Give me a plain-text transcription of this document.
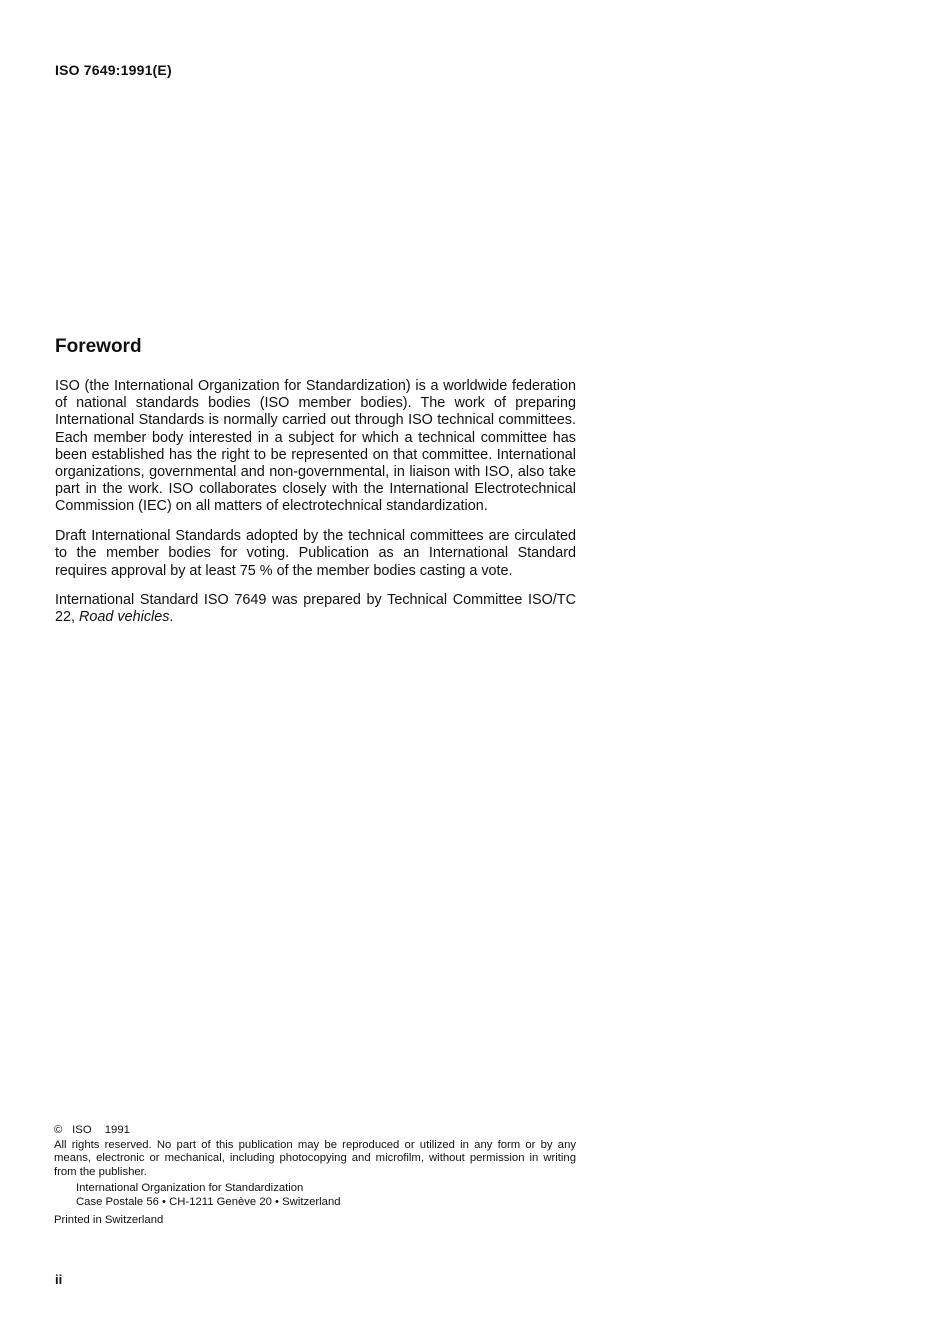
ISO 7649:1991(E)
Foreword

ISO (the International Organization for Standardization) is a worldwide federation of national standards bodies (ISO member bodies). The work of preparing International Standards is normally carried out through ISO technical committees. Each member body interested in a subject for which a technical committee has been established has the right to be represented on that committee. International organizations, governmental and non-governmental, in liaison with ISO, also take part in the work. ISO collaborates closely with the International Electrotechnical Commission (IEC) on all matters of electrotechnical standardization.

Draft International Standards adopted by the technical committees are circulated to the member bodies for voting. Publication as an International Standard requires approval by at least 75 % of the member bodies casting a vote.

International Standard ISO 7649 was prepared by Technical Committee ISO/TC 22, Road vehicles.

© ISO 1991

All rights reserved. No part of this publication may be reproduced or utilized in any form or by any means, electronic or mechanical, including photocopying and microfilm, without permission in writing from the publisher.

International Organization for Standardization
Case Postale 56 • CH-1211 Genève 20 • Switzerland
Printed in Switzerland
ii
